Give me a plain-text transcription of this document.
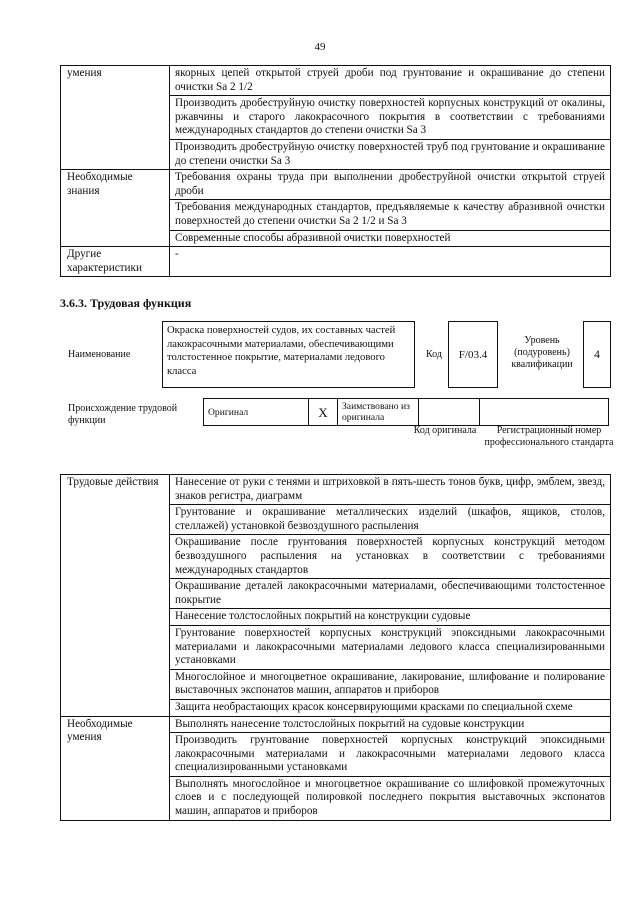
49
умения	якорных цепей открытой струей дроби под грунтование и окрашивание до степени очистки Sa 2 1/2
	Производить дробеструйную очистку поверхностей корпусных конструкций от окалины, ржавчины и старого лакокрасочного покрытия в соответствии с требованиями международных стандартов до степени очистки Sa 3
	Производить дробеструйную очистку поверхностей труб под грунтование и окрашивание до степени очистки Sa 3
Необходимые знания	Требования охраны труда при выполнении дробеструйной очистки открытой струей дроби
	Требования международных стандартов, предъявляемые к качеству абразивной очистки поверхностей до степени очистки Sa 2 1/2 и Sa 3
	Современные способы абразивной очистки поверхностей
Другие характеристики	-
3.6.3. Трудовая функция
Наименование
Окраска поверхностей судов, их составных частей лакокрасочными материалами, обеспечивающими толстостенное покрытие, материалами ледового класса
Код	F/03.4
Уровень (подуровень) квалификации
4
Происхождение трудовой функции
Оригинал	X	Заимствовано из оригинала		
Код оригинала	Регистрационный номер профессионального стандарта
Трудовые действия	Нанесение от руки с тенями и штриховкой в пять-шесть тонов букв, цифр, эмблем, звезд, знаков регистра, диаграмм
	Грунтование и окрашивание металлических изделий (шкафов, ящиков, столов, стеллажей) установкой безвоздушного распыления
	Окрашивание после грунтования поверхностей корпусных конструкций методом безвоздушного распыления на установках в соответствии с требованиями международных стандартов
	Окрашивание деталей лакокрасочными материалами, обеспечивающими толстостенное покрытие
	Нанесение толстослойных покрытий на конструкции судовые
	Грунтование поверхностей корпусных конструкций эпоксидными лакокрасочными материалами и лакокрасочными материалами ледового класса специализированными установками
	Многослойное и многоцветное окрашивание, лакирование, шлифование и полирование выставочных экспонатов машин, аппаратов и приборов
	Защита необрастающих красок консервирующими красками по специальной схеме
Необходимые умения	Выполнять нанесение толстослойных покрытий на судовые конструкции
	Производить грунтование поверхностей корпусных конструкций эпоксидными лакокрасочными материалами и лакокрасочными материалами ледового класса специализированными установками
	Выполнять многослойное и многоцветное окрашивание со шлифовкой промежуточных слоев и с последующей полировкой последнего покрытия выставочных экспонатов машин, аппаратов и приборов
